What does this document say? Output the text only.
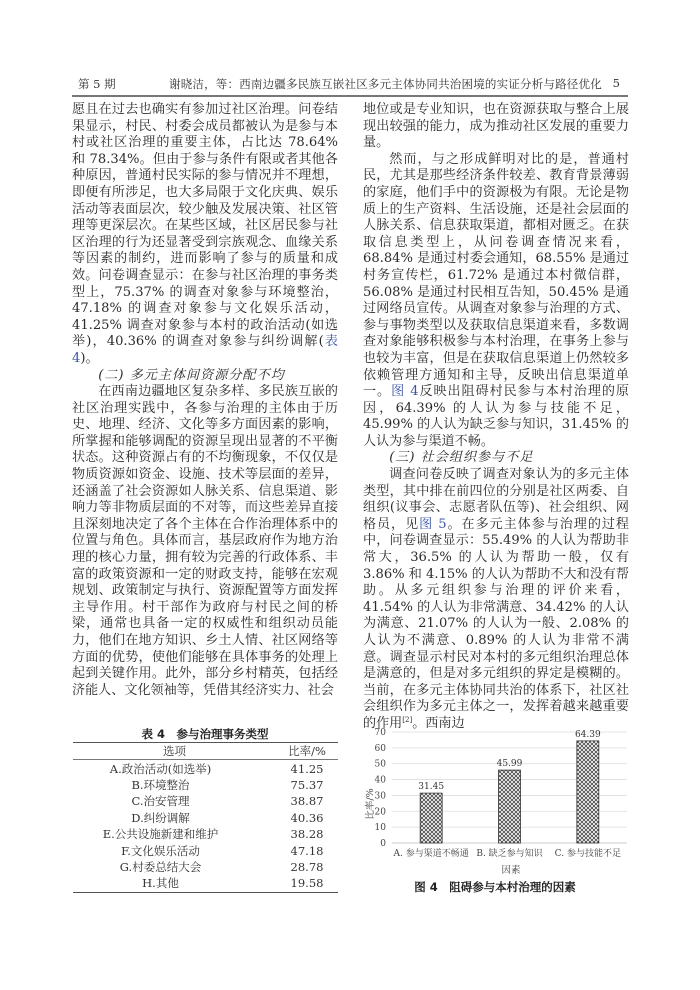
第 5 期	谢晓洁，等：西南边疆多民族互嵌社区多元主体协同共治困境的实证分析与路径优化 5

愿且在过去也确实有参加过社区治理。问卷结果显示，村民、村委会成员都被认为是参与本村或社区治理的重要主体，占比达 78.64% 和 78.34%。但由于参与条件有限或者其他各种原因，普通村民实际的参与情况并不理想，即便有所涉足，也大多局限于文化庆典、娱乐活动等表面层次，较少触及发展决策、社区管理等更深层次。在某些区域，社区居民参与社区治理的行为还显著受到宗族观念、血缘关系等因素的制约，进而影响了参与的质量和成效。问卷调查显示：在参与社区治理的事务类型上，75.37% 的调查对象参与环境整治，47.18% 的调查对象参与文化娱乐活动，41.25% 调查对象参与本村的政治活动(如选举)，40.36% 的调查对象参与纠纷调解(表 4)。

(二) 多元主体间资源分配不均

在西南边疆地区复杂多样、多民族互嵌的社区治理实践中，各参与治理的主体由于历史、地理、经济、文化等多方面因素的影响，所掌握和能够调配的资源呈现出显著的不平衡状态。这种资源占有的不均衡现象，不仅仅是物质资源如资金、设施、技术等层面的差异，还涵盖了社会资源如人脉关系、信息渠道、影响力等非物质层面的不对等，而这些差异直接且深刻地决定了各个主体在合作治理体系中的位置与角色。具体而言，基层政府作为地方治理的核心力量，拥有较为完善的行政体系、丰富的政策资源和一定的财政支持，能够在宏观规划、政策制定与执行、资源配置等方面发挥主导作用。村干部作为政府与村民之间的桥梁，通常也具备一定的权威性和组织动员能力，他们在地方知识、乡土人情、社区网络等方面的优势，使他们能够在具体事务的处理上起到关键作用。此外，部分乡村精英，包括经济能人、文化领袖等，凭借其经济实力、社会

表 4　参与治理事务类型
选项	比率/%
A.政治活动(如选举)	41.25
B.环境整治	75.37
C.治安管理	38.87
D.纠纷调解	40.36
E.公共设施新建和维护	38.28
F.文化娱乐活动	47.18
G.村委总结大会	28.78
H.其他	19.58

地位或是专业知识，也在资源获取与整合上展现出较强的能力，成为推动社区发展的重要力量。

然而，与之形成鲜明对比的是，普通村民，尤其是那些经济条件较差、教育背景薄弱的家庭，他们手中的资源极为有限。无论是物质上的生产资料、生活设施，还是社会层面的人脉关系、信息获取渠道，都相对匮乏。在获取信息类型上，从问卷调查情况来看，68.84% 是通过村委会通知，68.55% 是通过村务宣传栏，61.72% 是通过本村微信群，56.08% 是通过村民相互告知，50.45% 是通过网络员宣传。从调查对象参与治理的方式、参与事物类型以及获取信息渠道来看，多数调查对象能够积极参与本村治理，在事务上参与也较为丰富，但是在获取信息渠道上仍然较多依赖管理方通知和主导，反映出信息渠道单一。图 4反映出阻碍村民参与本村治理的原因，64.39% 的人认为参与技能不足，45.99% 的人认为缺乏参与知识，31.45% 的人认为参与渠道不畅。

(三) 社会组织参与不足

调查问卷反映了调查对象认为的多元主体类型，其中排在前四位的分别是社区两委、自组织(议事会、志愿者队伍等)、社会组织、网格员，见图 5。在多元主体参与治理的过程中，问卷调查显示：55.49% 的人认为帮助非常大，36.5% 的人认为帮助一般，仅有 3.86% 和 4.15% 的人认为帮助不大和没有帮助。从多元组织参与治理的评价来看，41.54% 的人认为非常满意、34.42% 的人认为满意、21.07% 的人认为一般、2.08% 的人认为不满意、0.89% 的人认为非常不满意。调查显示村民对本村的多元组织治理总体是满意的，但是对多元组织的界定是模糊的。当前，在多元主体协同共治的体系下，社区社会组织作为多元主体之一，发挥着越来越重要的作用[2]。西南边

0
10
20
30
40
50
60
70
31.45
45.99
64.39
A. 参与渠道不畅通 B. 缺乏参与知识 C. 参与技能不足
比率/%
因素
图 4　阻碍参与本村治理的因素
